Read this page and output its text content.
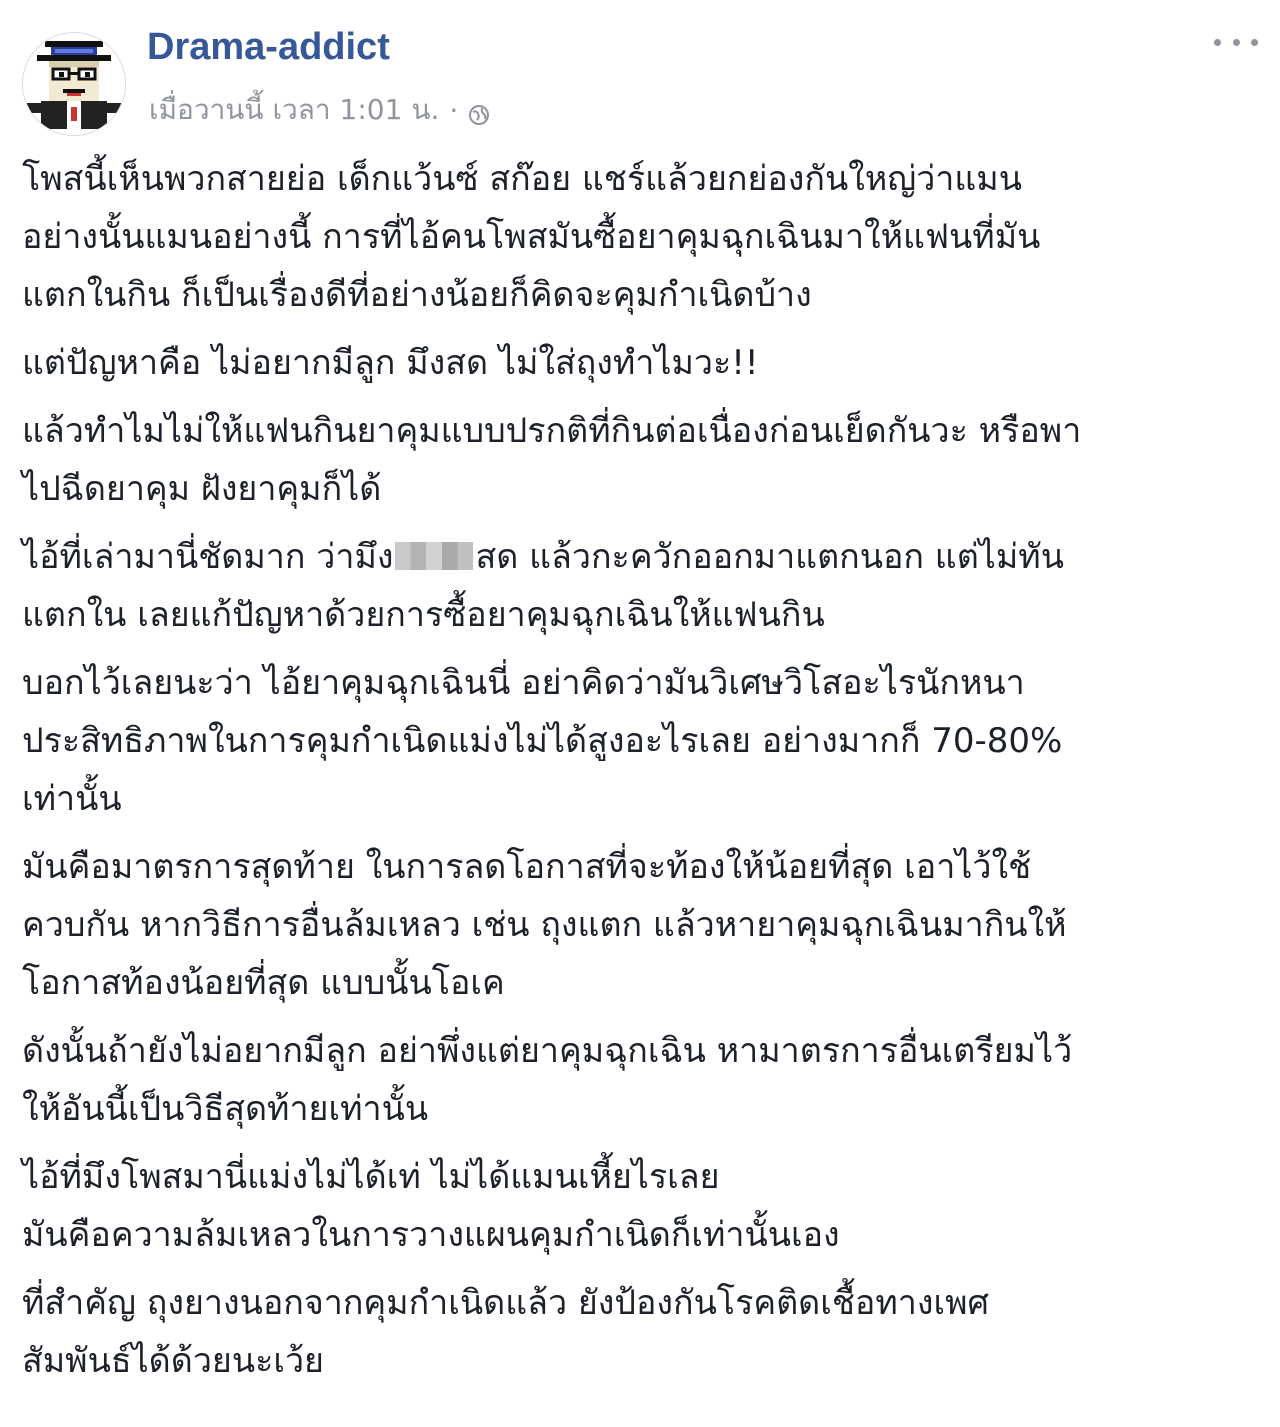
Drama-addict
เมื่อวานนี้ เวลา 1:01 น. ·
โพสนี้เห็นพวกสายย่อ เด็กแว้นซ์ สก๊อย แชร์แล้วยกย่องกันใหญ่ว่าแมน
อย่างนั้นแมนอย่างนี้ การที่ไอ้คนโพสมันซื้อยาคุมฉุกเฉินมาให้แฟนที่มัน
แตกในกิน ก็เป็นเรื่องดีที่อย่างน้อยก็คิดจะคุมกำเนิดบ้าง
แต่ปัญหาคือ ไม่อยากมีลูก มึงสด ไม่ใส่ถุงทำไมวะ!!
แล้วทำไมไม่ให้แฟนกินยาคุมแบบปรกติที่กินต่อเนื่องก่อนเย็ดกันวะ หรือพา
ไปฉีดยาคุม ฝังยาคุมก็ได้
ไอ้ที่เล่ามานี่ชัดมาก ว่ามึง สด แล้วกะควักออกมาแตกนอก แต่ไม่ทัน
แตกใน เลยแก้ปัญหาด้วยการซื้อยาคุมฉุกเฉินให้แฟนกิน
บอกไว้เลยนะว่า ไอ้ยาคุมฉุกเฉินนี่ อย่าคิดว่ามันวิเศษวิโสอะไรนักหนา
ประสิทธิภาพในการคุมกำเนิดแม่งไม่ได้สูงอะไรเลย อย่างมากก็ 70-80%
เท่านั้น
มันคือมาตรการสุดท้าย ในการลดโอกาสที่จะท้องให้น้อยที่สุด เอาไว้ใช้
ควบกัน หากวิธีการอื่นล้มเหลว เช่น ถุงแตก แล้วหายาคุมฉุกเฉินมากินให้
โอกาสท้องน้อยที่สุด แบบนั้นโอเค
ดังนั้นถ้ายังไม่อยากมีลูก อย่าพึ่งแต่ยาคุมฉุกเฉิน หามาตรการอื่นเตรียมไว้
ให้อันนี้เป็นวิธีสุดท้ายเท่านั้น
ไอ้ที่มึงโพสมานี่แม่งไม่ได้เท่ ไม่ได้แมนเหี้ยไรเลย
มันคือความล้มเหลวในการวางแผนคุมกำเนิดก็เท่านั้นเอง
ที่สำคัญ ถุงยางนอกจากคุมกำเนิดแล้ว ยังป้องกันโรคติดเชื้อทางเพศ
สัมพันธ์ได้ด้วยนะเว้ย
